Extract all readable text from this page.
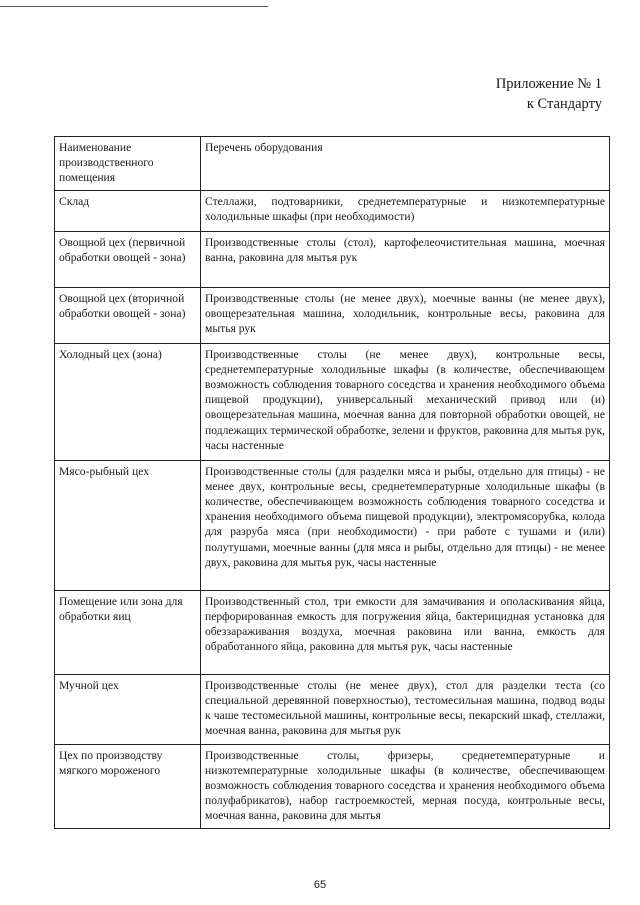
Приложение № 1
к Стандарту
Наименование производственного помещения	Перечень оборудования
Склад	Стеллажи, подтоварники, среднетемпературные и низкотемпературные холодильные шкафы (при необходимости)
Овощной цех (первичной обработки овощей - зона)	Производственные столы (стол), картофелеочистительная машина, моечная ванна, раковина для мытья рук
Овощной цех (вторичной обработки овощей - зона)	Производственные столы (не менее двух), моечные ванны (не менее двух), овощерезательная машина, холодильник, контрольные весы, раковина для мытья рук
Холодный цех (зона)	Производственные столы (не менее двух), контрольные весы, среднетемпературные холодильные шкафы (в количестве, обеспечивающем возможность соблюдения товарного соседства и хранения необходимого объема пищевой продукции), универсальный механический привод или (и) овощерезательная машина, моечная ванна для повторной обработки овощей, не подлежащих термической обработке, зелени и фруктов, раковина для мытья рук, часы настенные
Мясо-рыбный цех	Производственные столы (для разделки мяса и рыбы, отдельно для птицы) - не менее двух, контрольные весы, среднетемпературные холодильные шкафы (в количестве, обеспечивающем возможность соблюдения товарного соседства и хранения необходимого объема пищевой продукции), электромясорубка, колода для разруба мяса (при необходимости) - при работе с тушами и (или) полутушами, моечные ванны (для мяса и рыбы, отдельно для птицы) - не менее двух, раковина для мытья рук, часы настенные
Помещение или зона для обработки яиц	Производственный стол, три емкости для замачивания и ополаскивания яйца, перфорированная емкость для погружения яйца, бактерицидная установка для обеззараживания воздуха, моечная раковина или ванна, емкость для обработанного яйца, раковина для мытья рук, часы настенные
Мучной цех	Производственные столы (не менее двух), стол для разделки теста (со специальной деревянной поверхностью), тестомесильная машина, подвод воды к чаше тестомесильной машины, контрольные весы, пекарский шкаф, стеллажи, моечная ванна, раковина для мытья рук
Цех по производству мягкого мороженого	Производственные столы, фризеры, среднетемпературные и низкотемпературные холодильные шкафы (в количестве, обеспечивающем возможность соблюдения товарного соседства и хранения необходимого объема полуфабрикатов), набор гастроемкостей, мерная посуда, контрольные весы, моечная ванна, раковина для мытья
65
